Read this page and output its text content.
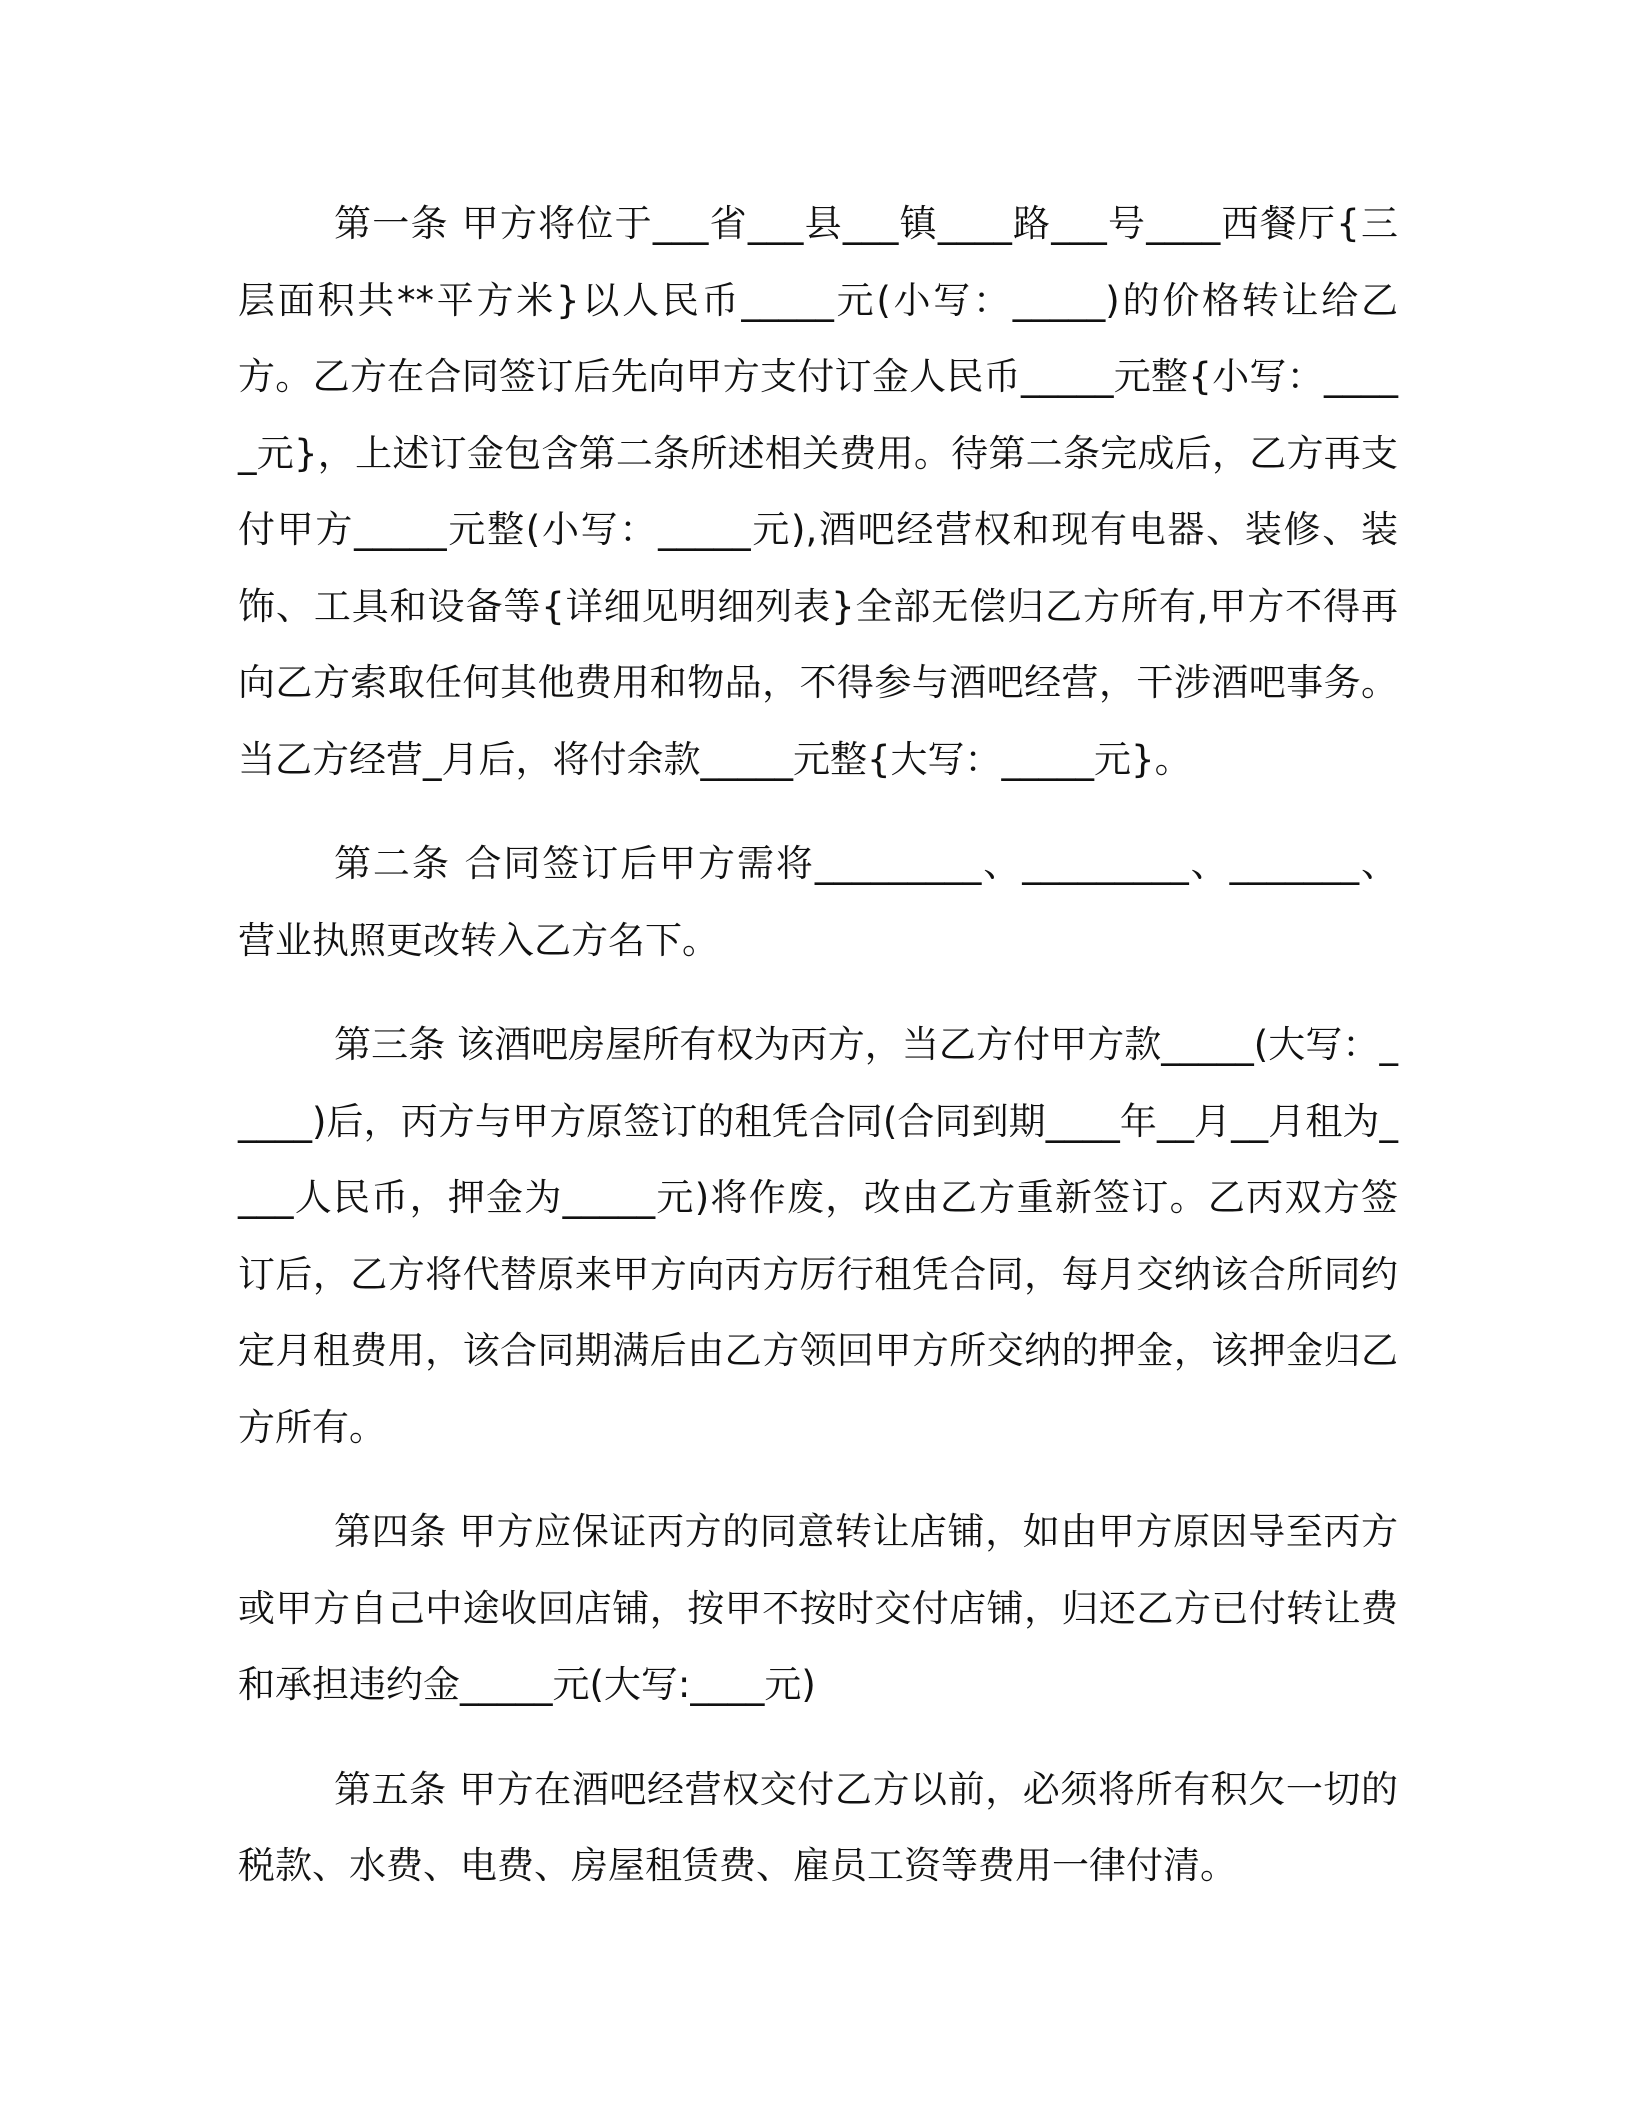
第一条 甲方将位于___省___县___镇____路___号____西餐厅{三层面积共**平方米}以人民币_____元(小写：_____)的价格转让给乙方。乙方在合同签订后先向甲方支付订金人民币_____元整{小写：_____元}，上述订金包含第二条所述相关费用。待第二条完成后，乙方再支付甲方_____元整(小写：_____元),酒吧经营权和现有电器、装修、装饰、工具和设备等{详细见明细列表}全部无偿归乙方所有,甲方不得再向乙方索取任何其他费用和物品，不得参与酒吧经营，干涉酒吧事务。当乙方经营_月后，将付余款_____元整{大写：_____元}。

第二条 合同签订后甲方需将_________、_________、_______、营业执照更改转入乙方名下。

第三条 该酒吧房屋所有权为丙方，当乙方付甲方款_____(大写：_____)后，丙方与甲方原签订的租凭合同(合同到期____年__月__月租为____人民币，押金为_____元)将作废，改由乙方重新签订。乙丙双方签订后，乙方将代替原来甲方向丙方厉行租凭合同，每月交纳该合所同约定月租费用，该合同期满后由乙方领回甲方所交纳的押金，该押金归乙方所有。

第四条 甲方应保证丙方的同意转让店铺，如由甲方原因导至丙方或甲方自己中途收回店铺，按甲不按时交付店铺，归还乙方已付转让费和承担违约金_____元(大写:____元)

第五条 甲方在酒吧经营权交付乙方以前，必须将所有积欠一切的税款、水费、电费、房屋租赁费、雇员工资等费用一律付清。
